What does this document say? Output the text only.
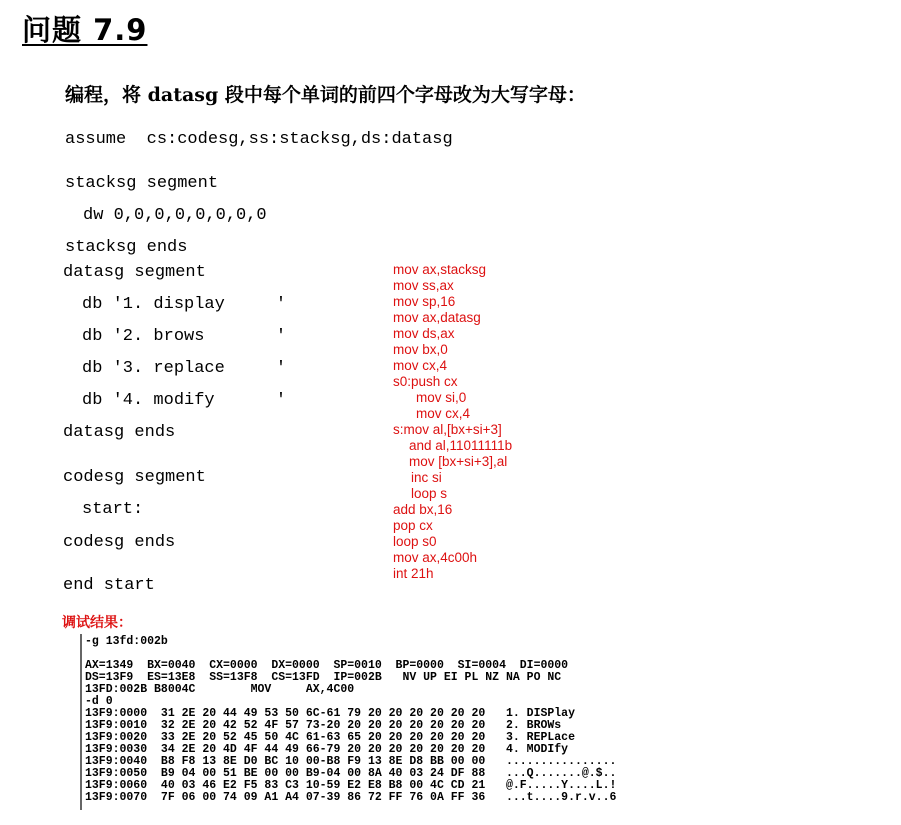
问题 7.9
编程，将 datasg 段中每个单词的前四个字母改为大写字母：
assume  cs:codesg,ss:stacksg,ds:datasg
stacksg segment
dw 0,0,0,0,0,0,0,0
stacksg ends
datasg segment
db '1. display     '
db '2. brows       '
db '3. replace     '
db '4. modify      '
datasg ends
codesg segment
start:
codesg ends
end start
mov ax,stacksg
mov ss,ax
mov sp,16
mov ax,datasg
mov ds,ax
mov bx,0
mov cx,4
s0:push cx
mov si,0
mov cx,4
s:mov al,[bx+si+3]
and al,11011111b
mov [bx+si+3],al
inc si
loop s
add bx,16
pop cx
loop s0
mov ax,4c00h
int 21h
调试结果：
-g 13fd:002b
AX=1349  BX=0040  CX=0000  DX=0000  SP=0010  BP=0000  SI=0004  DI=0000
DS=13F9  ES=13E8  SS=13F8  CS=13FD  IP=002B   NV UP EI PL NZ NA PO NC
13FD:002B B8004C        MOV     AX,4C00
-d 0
13F9:0000  31 2E 20 44 49 53 50 6C-61 79 20 20 20 20 20 20   1. DISPlay
13F9:0010  32 2E 20 42 52 4F 57 73-20 20 20 20 20 20 20 20   2. BROWs
13F9:0020  33 2E 20 52 45 50 4C 61-63 65 20 20 20 20 20 20   3. REPLace
13F9:0030  34 2E 20 4D 4F 44 49 66-79 20 20 20 20 20 20 20   4. MODIfy
13F9:0040  B8 F8 13 8E D0 BC 10 00-B8 F9 13 8E D8 BB 00 00   ................
13F9:0050  B9 04 00 51 BE 00 00 B9-04 00 8A 40 03 24 DF 88   ...Q.......@.$..
13F9:0060  40 03 46 E2 F5 83 C3 10-59 E2 E8 B8 00 4C CD 21   @.F.....Y....L.!
13F9:0070  7F 06 00 74 09 A1 A4 07-39 86 72 FF 76 0A FF 36   ...t....9.r.v..6
